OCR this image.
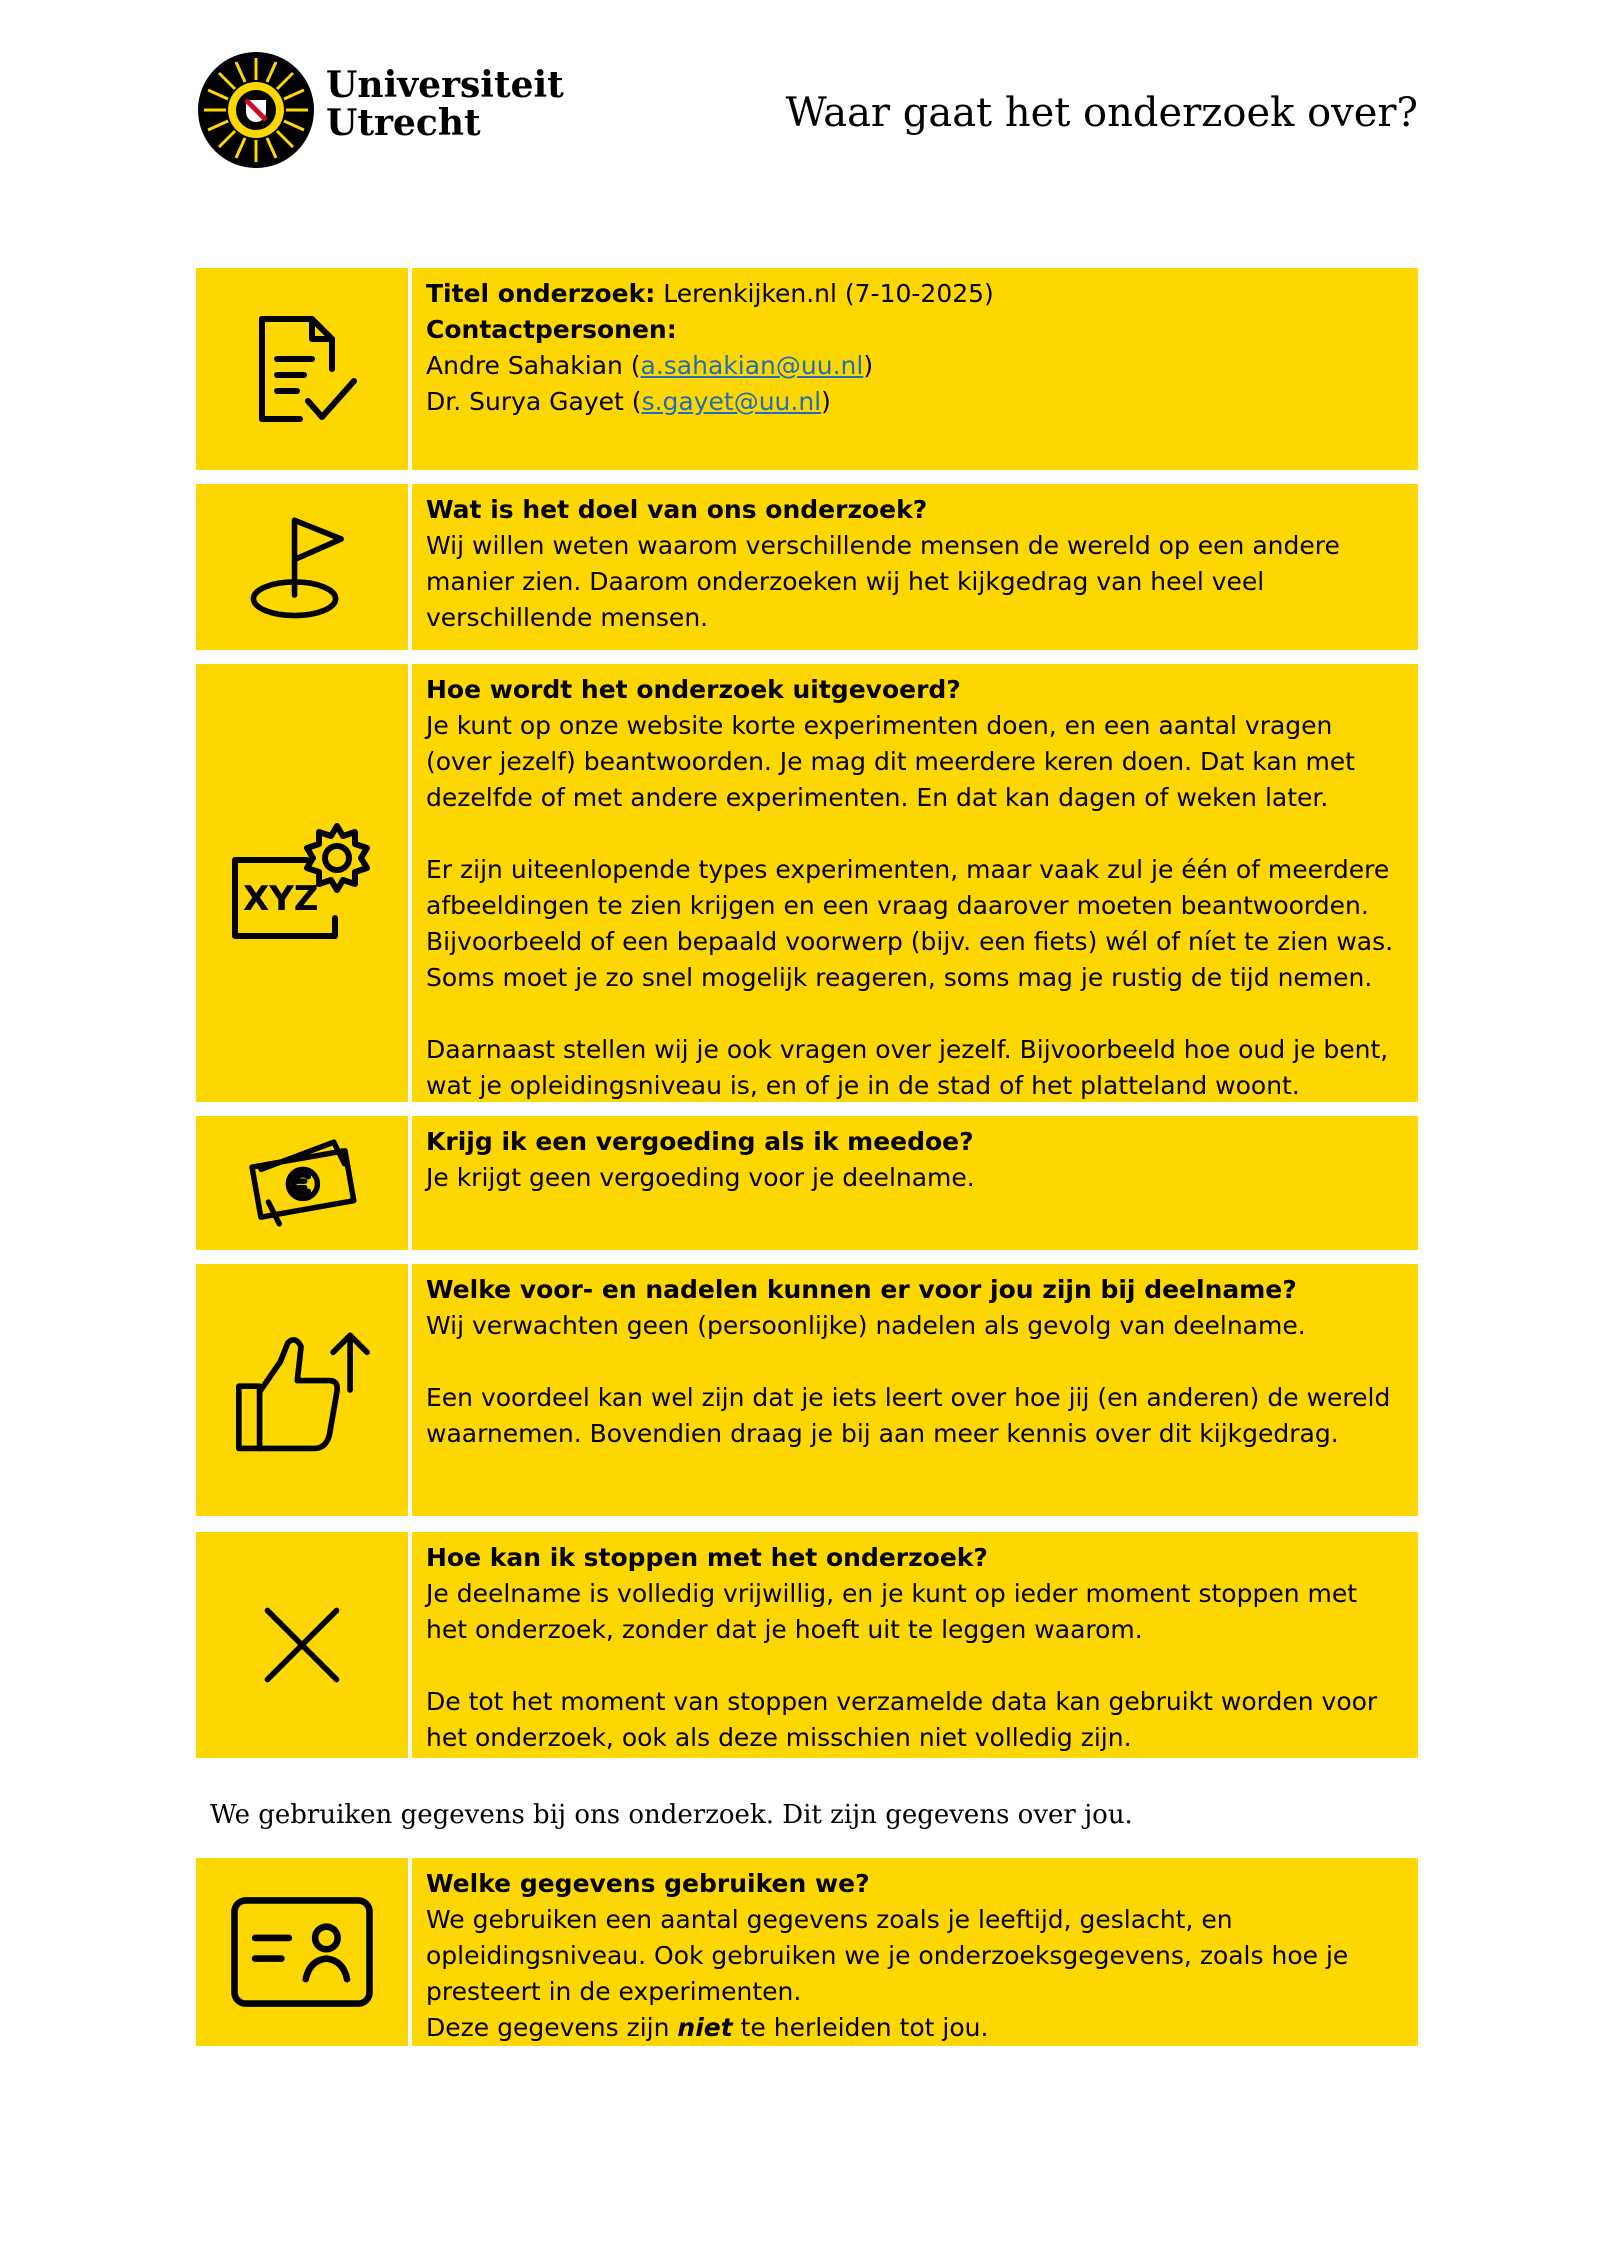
Universiteit
Utrecht	Waar gaat het onderzoek over?
Titel onderzoek: Lerenkijken.nl (7-10-2025)
Contactpersonen:
Andre Sahakian (a.sahakian@uu.nl)
Dr. Surya Gayet (s.gayet@uu.nl)
Wat is het doel van ons onderzoek?
Wij willen weten waarom verschillende mensen de wereld op een andere manier zien. Daarom onderzoeken wij het kijkgedrag van heel veel verschillende mensen.
XYZ
Hoe wordt het onderzoek uitgevoerd?
Je kunt op onze website korte experimenten doen, en een aantal vragen (over jezelf) beantwoorden. Je mag dit meerdere keren doen. Dat kan met dezelfde of met andere experimenten. En dat kan dagen of weken later.
Er zijn uiteenlopende types experimenten, maar vaak zul je één of meerdere afbeeldingen te zien krijgen en een vraag daarover moeten beantwoorden. Bijvoorbeeld of een bepaald voorwerp (bijv. een fiets) wél of níet te zien was. Soms moet je zo snel mogelijk reageren, soms mag je rustig de tijd nemen.
Daarnaast stellen wij je ook vragen over jezelf. Bijvoorbeeld hoe oud je bent, wat je opleidingsniveau is, en of je in de stad of het platteland woont.
Krijg ik een vergoeding als ik meedoe?
Je krijgt geen vergoeding voor je deelname.
Welke voor- en nadelen kunnen er voor jou zijn bij deelname?
Wij verwachten geen (persoonlijke) nadelen als gevolg van deelname.
Een voordeel kan wel zijn dat je iets leert over hoe jij (en anderen) de wereld waarnemen. Bovendien draag je bij aan meer kennis over dit kijkgedrag.
Hoe kan ik stoppen met het onderzoek?
Je deelname is volledig vrijwillig, en je kunt op ieder moment stoppen met het onderzoek, zonder dat je hoeft uit te leggen waarom.
De tot het moment van stoppen verzamelde data kan gebruikt worden voor het onderzoek, ook als deze misschien niet volledig zijn.
We gebruiken gegevens bij ons onderzoek. Dit zijn gegevens over jou.
Welke gegevens gebruiken we?
We gebruiken een aantal gegevens zoals je leeftijd, geslacht, en opleidingsniveau. Ook gebruiken we je onderzoeksgegevens, zoals hoe je presteert in de experimenten.
Deze gegevens zijn niet te herleiden tot jou.
